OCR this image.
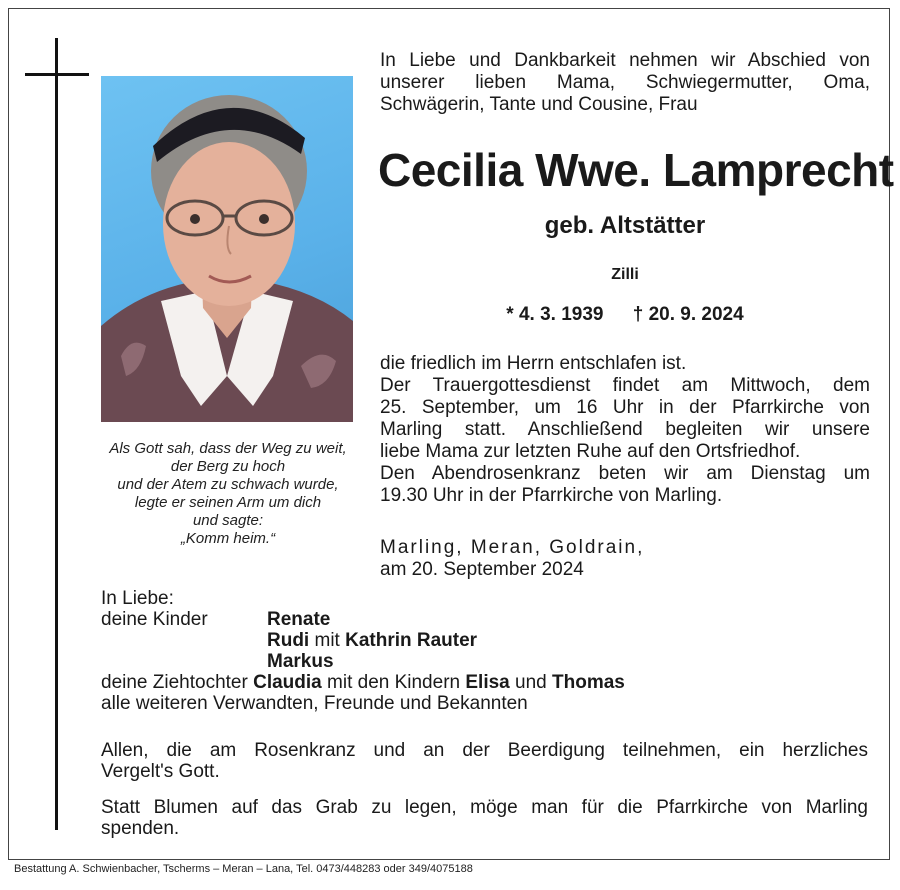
Als Gott sah, dass der Weg zu weit,
der Berg zu hoch
und der Atem zu schwach wurde,
legte er seinen Arm um dich
und sagte:
„Komm heim.“
In Liebe und Dankbarkeit nehmen wir Abschied von
unserer lieben Mama, Schwiegermutter, Oma,
Schwägerin, Tante und Cousine, Frau
Cecilia Wwe. Lamprecht
geb. Altstätter
Zilli
* 4. 3. 1939 † 20. 9. 2024
die friedlich im Herrn entschlafen ist.
Der Trauergottesdienst findet am Mittwoch, dem
25. September, um 16 Uhr in der Pfarrkirche von
Marling statt. Anschließend begleiten wir unsere
liebe Mama zur letzten Ruhe auf den Ortsfriedhof.
Den Abendrosenkranz beten wir am Dienstag um
19.30 Uhr in der Pfarrkirche von Marling.
Marling, Meran, Goldrain,
am 20. September 2024
In Liebe:
deine Kinder	Renate
Rudi mit Kathrin Rauter
Markus
deine Ziehtochter Claudia mit den Kindern Elisa und Thomas
alle weiteren Verwandten, Freunde und Bekannten
Allen, die am Rosenkranz und an der Beerdigung teilnehmen, ein herzliches
Vergelt's Gott.
Statt Blumen auf das Grab zu legen, möge man für die Pfarrkirche von Marling
spenden.
Bestattung A. Schwienbacher, Tscherms – Meran – Lana, Tel. 0473/448283 oder 349/4075188
